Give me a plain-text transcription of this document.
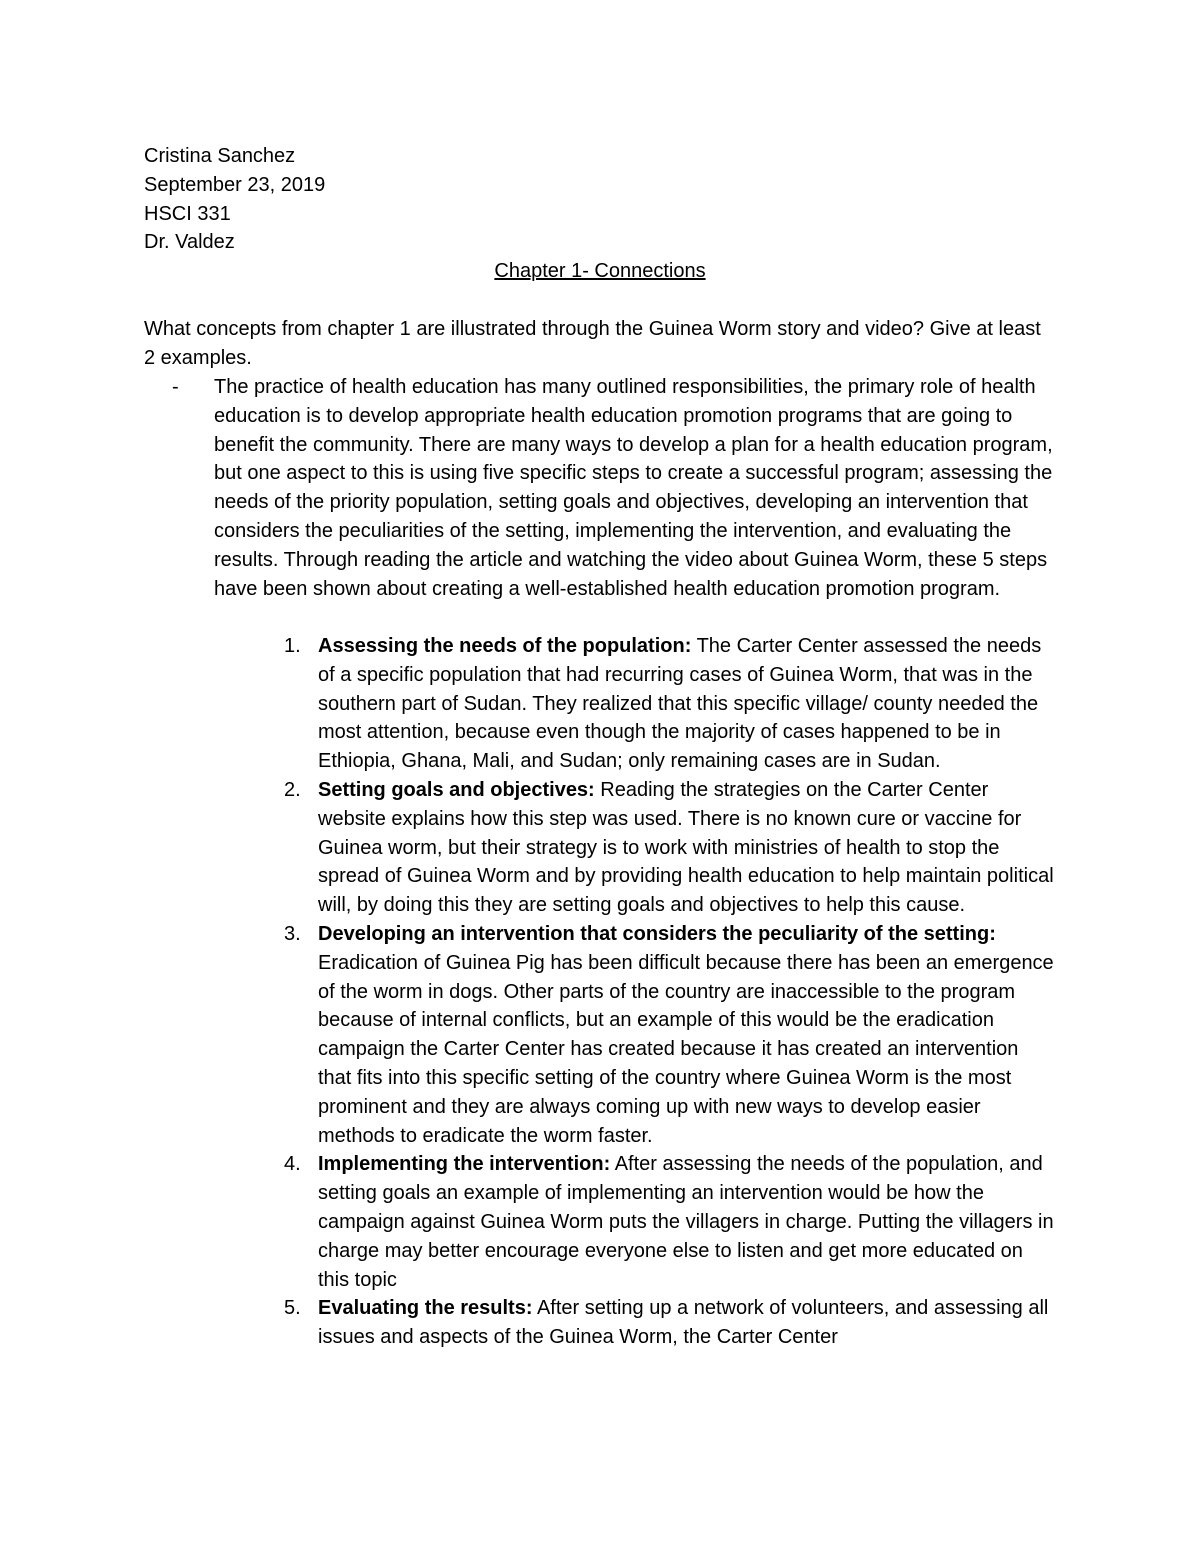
Cristina Sanchez
September 23, 2019
HSCI 331
Dr. Valdez
Chapter 1- Connections
What concepts from chapter 1 are illustrated through the Guinea Worm story and video? Give at least 2 examples.
- The practice of health education has many outlined responsibilities, the primary role of health education is to develop appropriate health education promotion programs that are going to benefit the community. There are many ways to develop a plan for a health education program, but one aspect to this is using five specific steps to create a successful program; assessing the needs of the priority population, setting goals and objectives, developing an intervention that considers the peculiarities of the setting, implementing the intervention, and evaluating the results. Through reading the article and watching the video about Guinea Worm, these 5 steps have been shown about creating a well-established health education promotion program.
1. Assessing the needs of the population: The Carter Center assessed the needs of a specific population that had recurring cases of Guinea Worm, that was in the southern part of Sudan. They realized that this specific village/ county needed the most attention, because even though the majority of cases happened to be in Ethiopia, Ghana, Mali, and Sudan; only remaining cases are in Sudan.
2. Setting goals and objectives: Reading the strategies on the Carter Center website explains how this step was used. There is no known cure or vaccine for Guinea worm, but their strategy is to work with ministries of health to stop the spread of Guinea Worm and by providing health education to help maintain political will, by doing this they are setting goals and objectives to help this cause.
3. Developing an intervention that considers the peculiarity of the setting: Eradication of Guinea Pig has been difficult because there has been an emergence of the worm in dogs. Other parts of the country are inaccessible to the program because of internal conflicts, but an example of this would be the eradication campaign the Carter Center has created because it has created an intervention that fits into this specific setting of the country where Guinea Worm is the most prominent and they are always coming up with new ways to develop easier methods to eradicate the worm faster.
4. Implementing the intervention: After assessing the needs of the population, and setting goals an example of implementing an intervention would be how the campaign against Guinea Worm puts the villagers in charge. Putting the villagers in charge may better encourage everyone else to listen and get more educated on this topic
5. Evaluating the results: After setting up a network of volunteers, and assessing all issues and aspects of the Guinea Worm, the Carter Center
